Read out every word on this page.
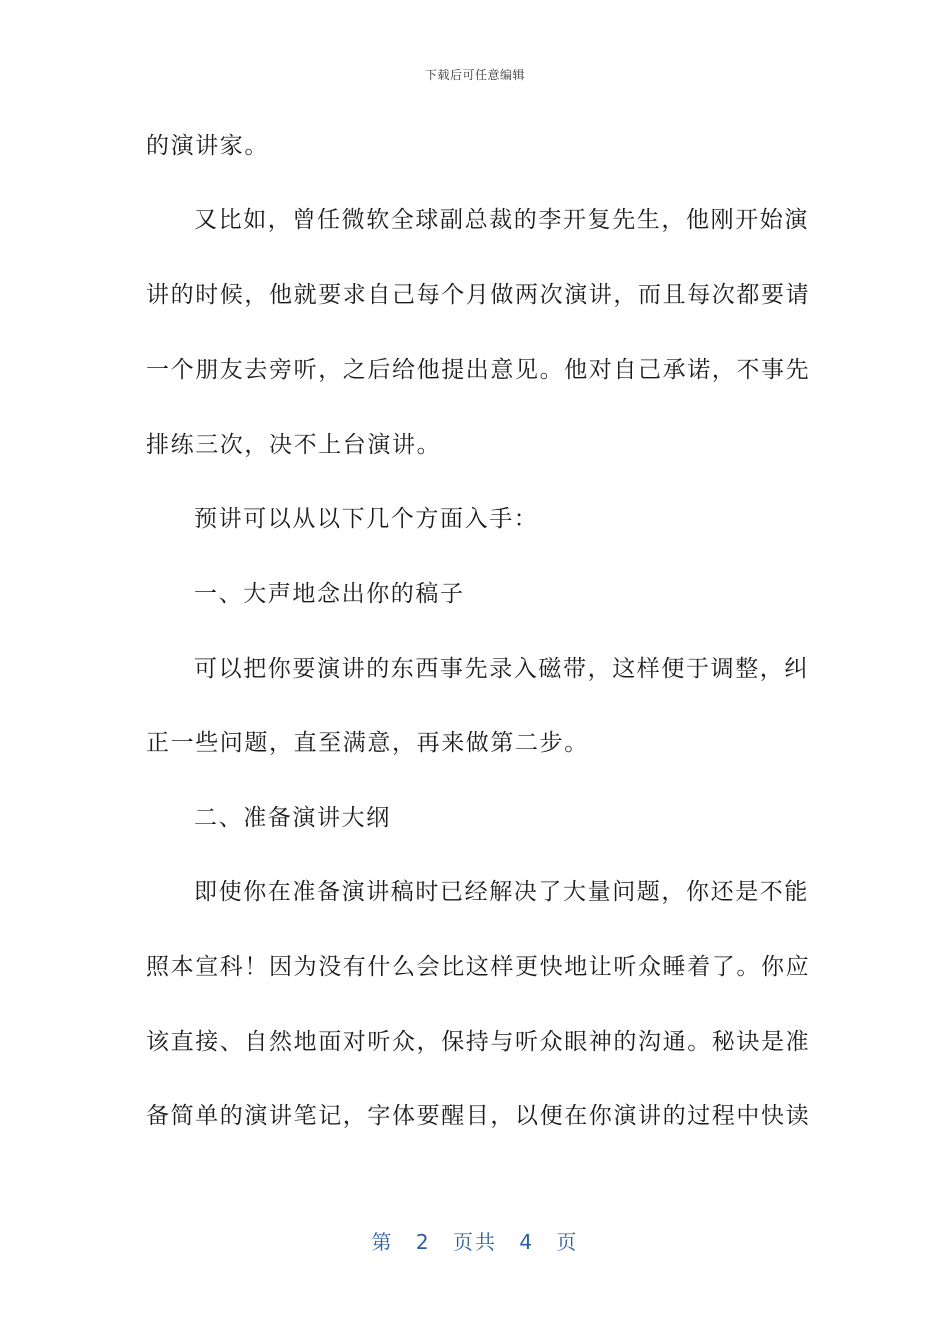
下载后可任意编辑
的演讲家。
又比如，曾任微软全球副总裁的李开复先生，他刚开始演
讲的时候，他就要求自己每个月做两次演讲，而且每次都要请
一个朋友去旁听，之后给他提出意见。他对自己承诺，不事先
排练三次，决不上台演讲。
预讲可以从以下几个方面入手：
一、大声地念出你的稿子
可以把你要演讲的东西事先录入磁带，这样便于调整，纠
正一些问题，直至满意，再来做第二步。
二、准备演讲大纲
即使你在准备演讲稿时已经解决了大量问题，你还是不能
照本宣科！因为没有什么会比这样更快地让听众睡着了。你应
该直接、自然地面对听众，保持与听众眼神的沟通。秘诀是准
备简单的演讲笔记，字体要醒目，以便在你演讲的过程中快读
第 2 页共 4 页
